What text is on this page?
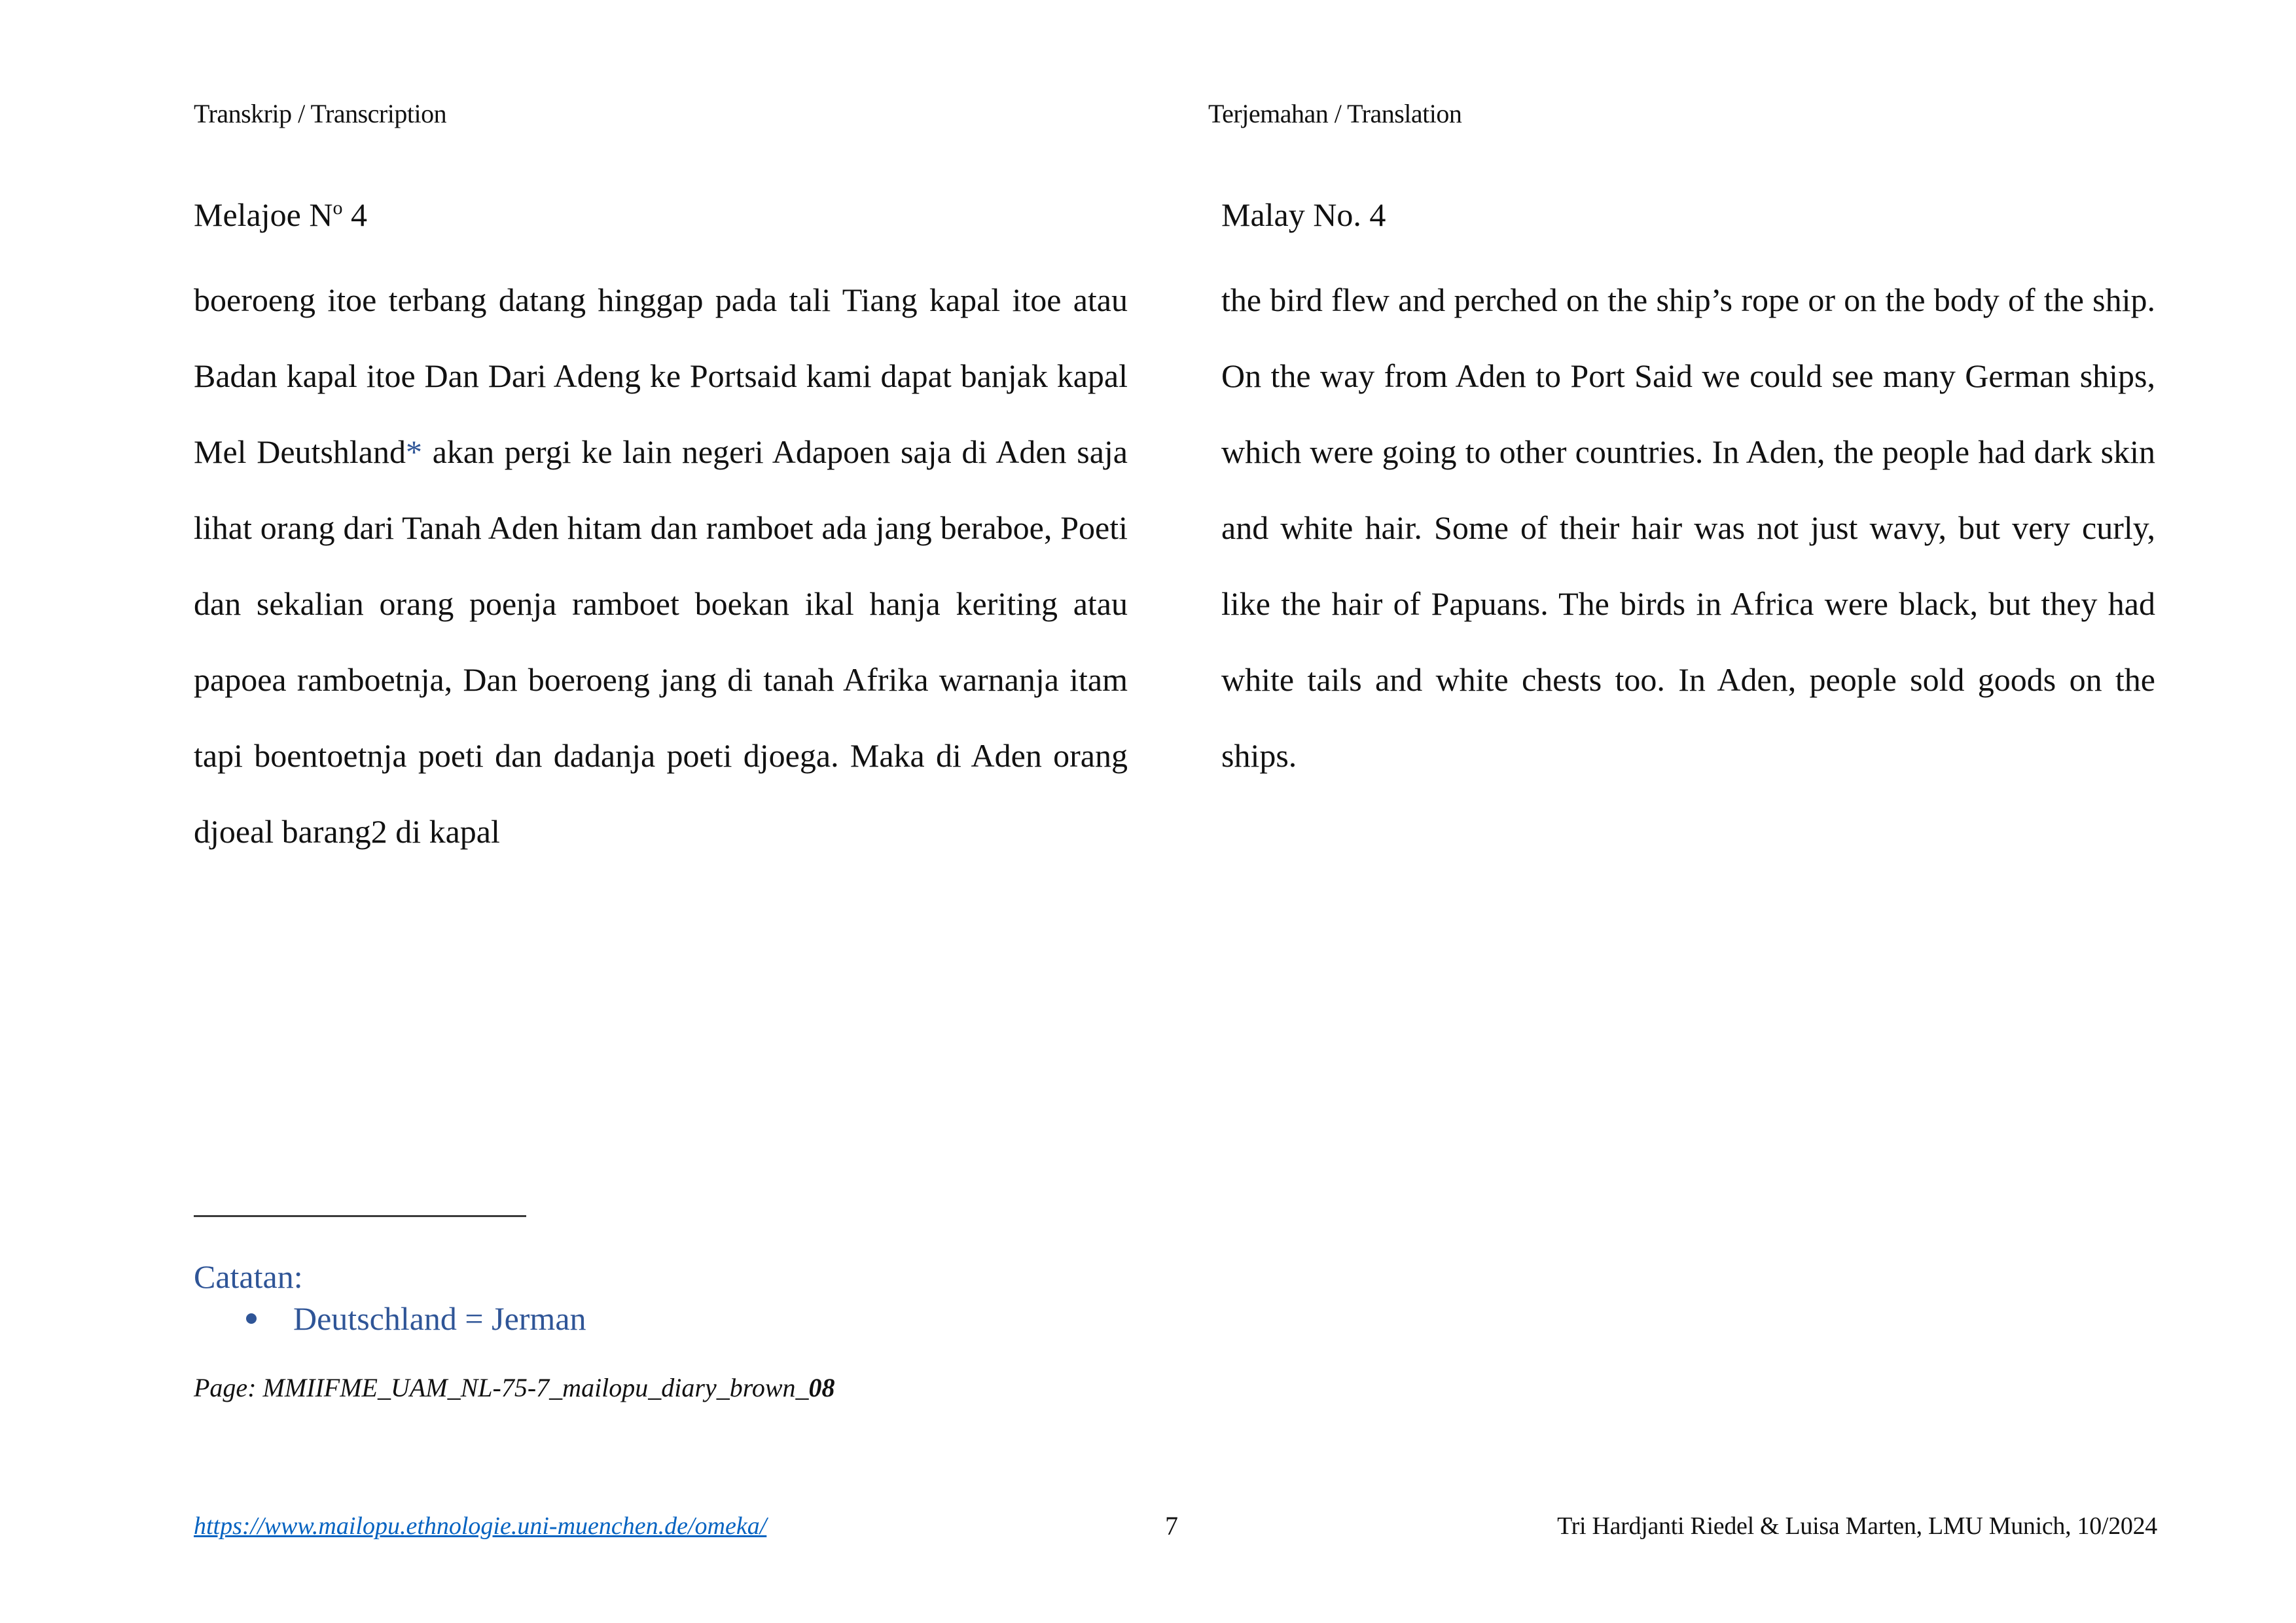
Transkrip / Transcription	Terjemahan / Translation
Melajoe $N^o$ 4

boeroeng itoe terbang datang hinggap pada tali Tiang kapal itoe atau Badan kapal itoe Dan Dari Adeng ke Portsaid kami dapat banjak kapal Mel Deutshland* akan pergi ke lain negeri Adapoen saja di Aden saja lihat orang dari Tanah Aden hitam dan ramboet ada jang beraboe, Poeti dan sekalian orang poenja ramboet boekan ikal hanja keriting atau papoea ramboetnja, Dan boeroeng jang di tanah Afrika warnanja itam tapi boentoetnja poeti dan dadanja poeti djoega. Maka di Aden orang djoeal barang2 di kapal

Malay No. 4

the bird flew and perched on the ship’s rope or on the body of the ship. On the way from Aden to Port Said we could see many German ships, which were going to other countries. In Aden, the people had dark skin and white hair. Some of their hair was not just wavy, but very curly, like the hair of Papuans. The birds in Africa were black, but they had white tails and white chests too. In Aden, people sold goods on the ships.

Catatan:
Deutschland = Jerman
Page: MMIIFME_UAM_NL-75-7_mailopu_diary_brown_08
https://www.mailopu.ethnologie.uni-muenchen.de/omeka/	7	Tri Hardjanti Riedel & Luisa Marten, LMU Munich, 10/2024
